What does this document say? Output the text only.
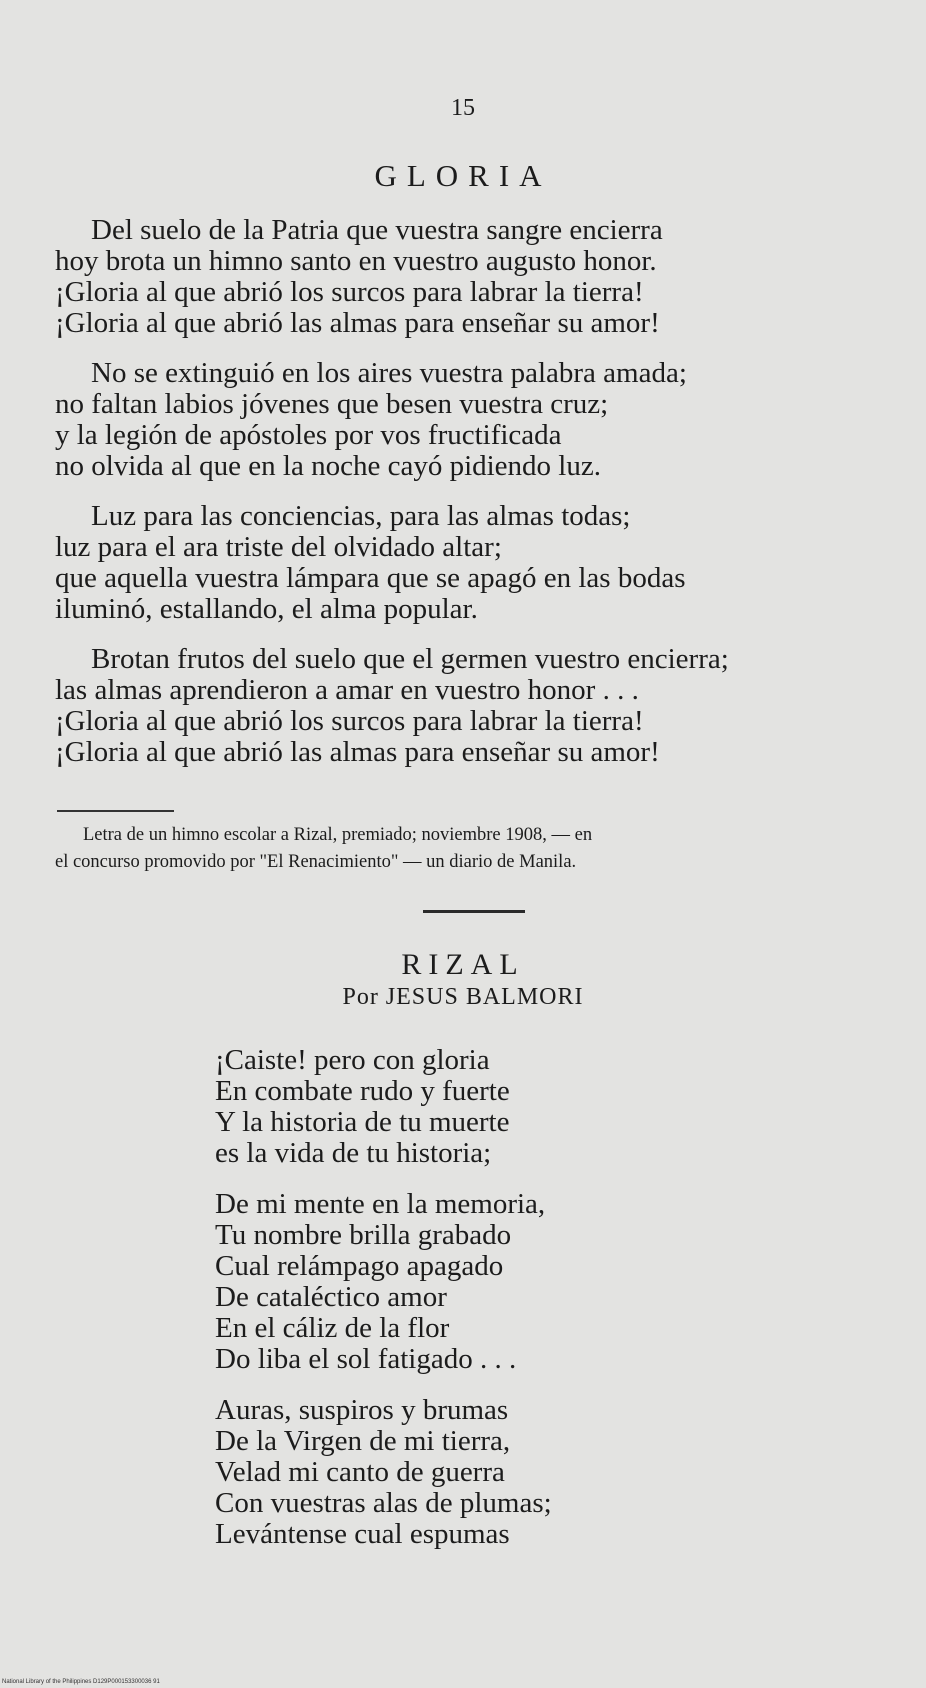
15
GLORIA
Del suelo de la Patria que vuestra sangre encierra
hoy brota un himno santo en vuestro augusto honor.
¡Gloria al que abrió los surcos para labrar la tierra!
¡Gloria al que abrió las almas para enseñar su amor!
No se extinguió en los aires vuestra palabra amada;
no faltan labios jóvenes que besen vuestra cruz;
y la legión de apóstoles por vos fructificada
no olvida al que en la noche cayó pidiendo luz.
Luz para las conciencias, para las almas todas;
luz para el ara triste del olvidado altar;
que aquella vuestra lámpara que se apagó en las bodas
iluminó, estallando, el alma popular.
Brotan frutos del suelo que el germen vuestro encierra;
las almas aprendieron a amar en vuestro honor . . .
¡Gloria al que abrió los surcos para labrar la tierra!
¡Gloria al que abrió las almas para enseñar su amor!
Letra de un himno escolar a Rizal, premiado; noviembre 1908, — en
el concurso promovido por "El Renacimiento" — un diario de Manila.
RIZAL
Por JESUS BALMORI
¡Caiste! pero con gloria
En combate rudo y fuerte
Y la historia de tu muerte
es la vida de tu historia;
De mi mente en la memoria,
Tu nombre brilla grabado
Cual relámpago apagado
De cataléctico amor
En el cáliz de la flor
Do liba el sol fatigado . . .
Auras, suspiros y brumas
De la Virgen de mi tierra,
Velad mi canto de guerra
Con vuestras alas de plumas;
Levántense cual espumas
National Library of the Philippines D129P000153300036 91
